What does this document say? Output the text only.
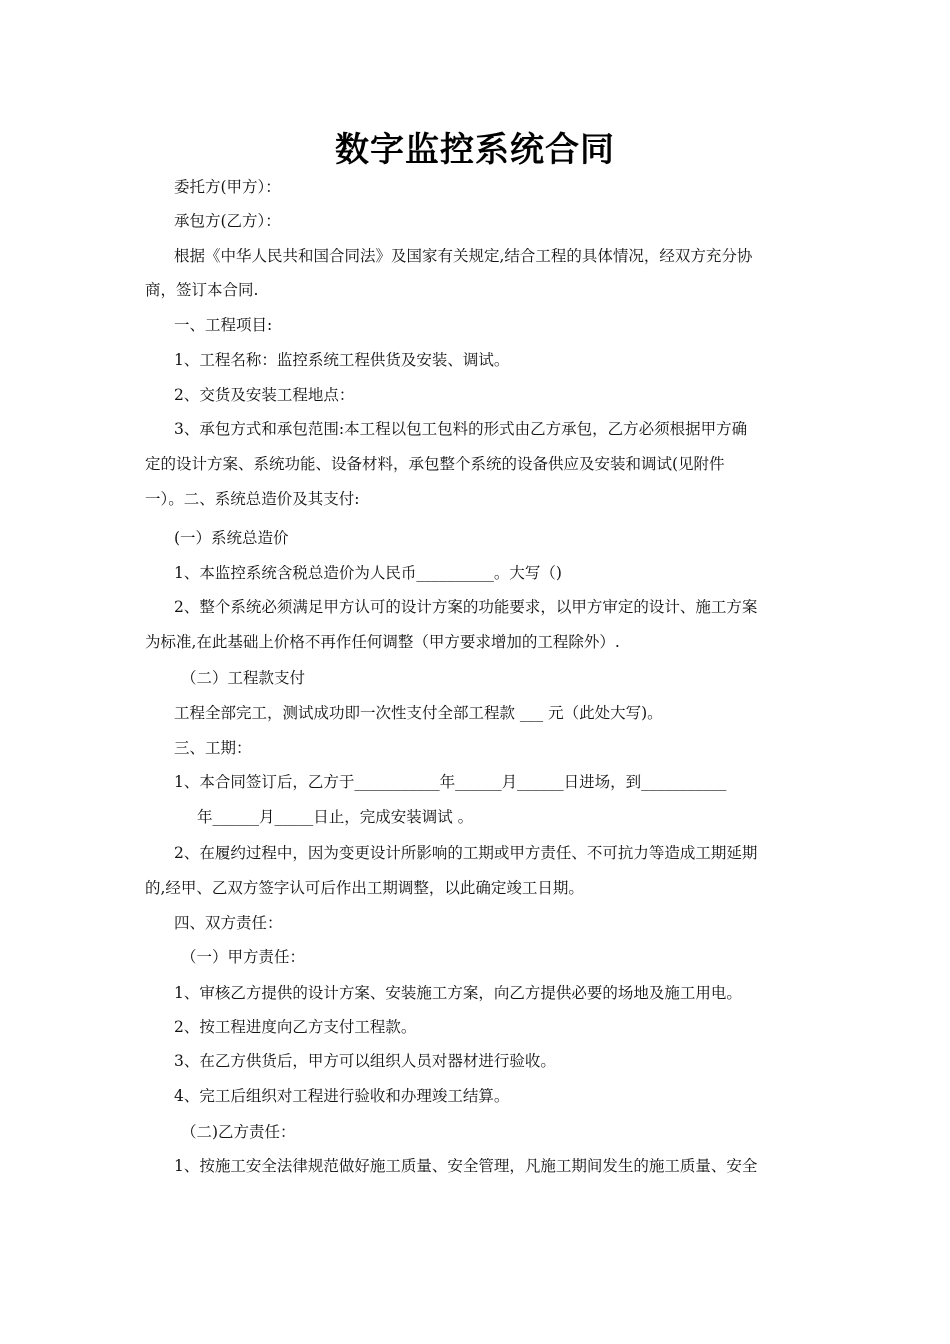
数字监控系统合同
委托方(甲方）：
承包方(乙方）：
根据《中华人民共和国合同法》及国家有关规定,结合工程的具体情况，经双方充分协
商，签订本合同.
一、工程项目:
1、工程名称：监控系统工程供货及安装、调试。
2、交货及安装工程地点：
3、承包方式和承包范围:本工程以包工包料的形式由乙方承包，乙方必须根据甲方确
定的设计方案、系统功能、设备材料，承包整个系统的设备供应及安装和调试(见附件
一）。二、系统总造价及其支付:
(一）系统总造价
1、本监控系统含税总造价为人民币__________。大写（)
2、整个系统必须满足甲方认可的设计方案的功能要求，以甲方审定的设计、施工方案
为标准,在此基础上价格不再作任何调整（甲方要求增加的工程除外）.
（二）工程款支付
工程全部完工，测试成功即一次性支付全部工程款 ___ 元（此处大写)。
三、工期：
1、本合同签订后，乙方于___________年______月______日进场，到___________
年______月_____日止，完成安装调试 。
2、在履约过程中，因为变更设计所影响的工期或甲方责任、不可抗力等造成工期延期
的,经甲、乙双方签字认可后作出工期调整，以此确定竣工日期。
四、双方责任：
（一）甲方责任：
1、审核乙方提供的设计方案、安装施工方案，向乙方提供必要的场地及施工用电。
2、按工程进度向乙方支付工程款。
3、在乙方供货后，甲方可以组织人员对器材进行验收。
4、完工后组织对工程进行验收和办理竣工结算。
（二)乙方责任：
1、按施工安全法律规范做好施工质量、安全管理，凡施工期间发生的施工质量、安全
